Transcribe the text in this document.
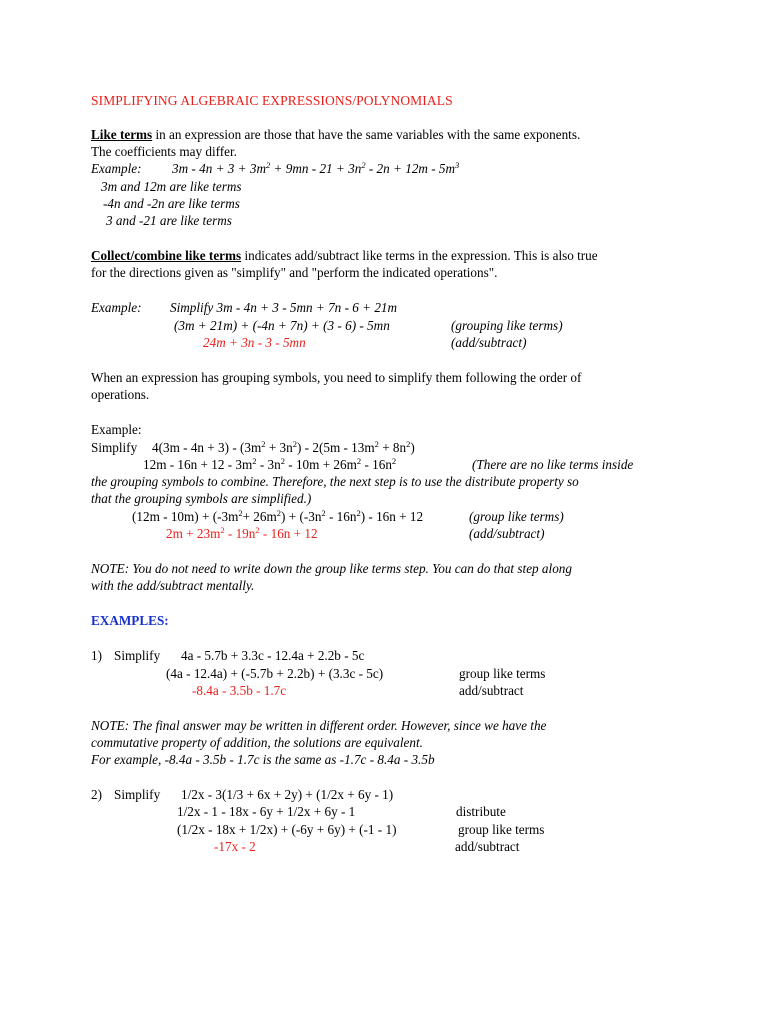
SIMPLIFYING ALGEBRAIC EXPRESSIONS/POLYNOMIALS
Like terms in an expression are those that have the same variables with the same exponents.
The coefficients may differ.
Example: $3m - 4n + 3 + 3m^2 + 9mn - 21 + 3n^2 - 2n + 12m - 5m^3$
3m and 12m are like terms
-4n and -2n are like terms
3 and -21 are like terms
Collect/combine like terms indicates add/subtract like terms in the expression. This is also true
for the directions given as "simplify" and "perform the indicated operations".
Example: Simplify 3m - 4n + 3 - 5mn + 7n - 6 + 21m
(3m + 21m) + (-4n + 7n) + (3 - 6) - 5mn	(grouping like terms)
24m + 3n - 3 - 5mn	(add/subtract)
When an expression has grouping symbols, you need to simplify them following the order of
operations.
Example:
Simplify $4(3m - 4n + 3) - (3m^2 + 3n^2) - 2(5m - 13m^2 + 8n^2)$
$12m - 16n + 12 - 3m^2 - 3n^2 - 10m + 26m^2 - 16n^2$	(There are no like terms inside
the grouping symbols to combine. Therefore, the next step is to use the distribute property so
that the grouping symbols are simplified.)
$(12m - 10m) + (-3m^2+ 26m^2) + (-3n^2 - 16n^2) - 16n + 12$	(group like terms)
$2m + 23m^2 - 19n^2 - 16n + 12$	(add/subtract)
NOTE: You do not need to write down the group like terms step. You can do that step along
with the add/subtract mentally.
EXAMPLES:
1) Simplify 4a - 5.7b + 3.3c - 12.4a + 2.2b - 5c
(4a - 12.4a) + (-5.7b + 2.2b) + (3.3c - 5c)	group like terms
-8.4a - 3.5b - 1.7c	add/subtract
NOTE: The final answer may be written in different order. However, since we have the
commutative property of addition, the solutions are equivalent.
For example, -8.4a - 3.5b - 1.7c is the same as -1.7c - 8.4a - 3.5b
2) Simplify 1/2x - 3(1/3 + 6x + 2y) + (1/2x + 6y - 1)
1/2x - 1 - 18x - 6y + 1/2x + 6y - 1	distribute
(1/2x - 18x + 1/2x) + (-6y + 6y) + (-1 - 1)	group like terms
-17x - 2	add/subtract
